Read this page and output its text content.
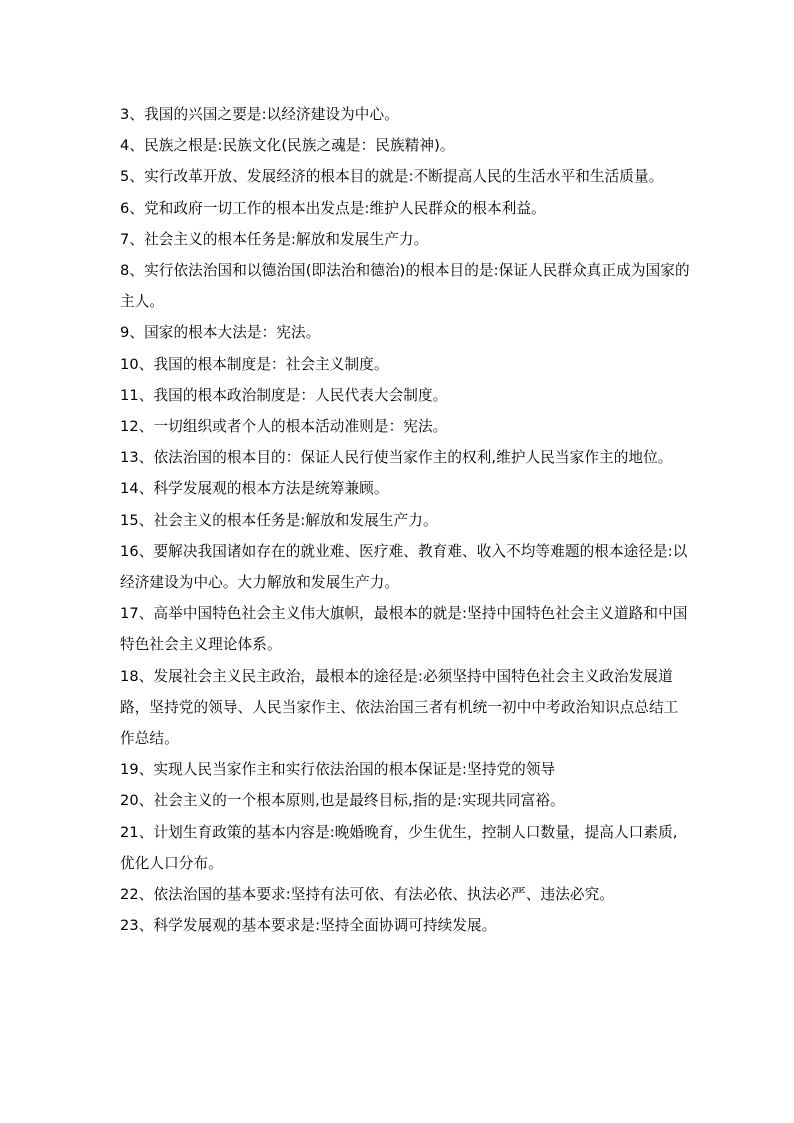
3、我国的兴国之要是:以经济建设为中心。

4、民族之根是:民族文化(民族之魂是：民族精神)。

5、实行改革开放、发展经济的根本目的就是:不断提高人民的生活水平和生活质量。

6、党和政府一切工作的根本出发点是:维护人民群众的根本利益。

7、社会主义的根本任务是:解放和发展生产力。

8、实行依法治国和以德治国(即法治和德治)的根本目的是:保证人民群众真正成为国家的主人。

9、国家的根本大法是：宪法。

10、我国的根本制度是：社会主义制度。

11、我国的根本政治制度是：人民代表大会制度。

12、一切组织或者个人的根本活动准则是：宪法。

13、依法治国的根本目的：保证人民行使当家作主的权利,维护人民当家作主的地位。

14、科学发展观的根本方法是统筹兼顾。

15、社会主义的根本任务是:解放和发展生产力。

16、要解决我国诸如存在的就业难、医疗难、教育难、收入不均等难题的根本途径是:以经济建设为中心。大力解放和发展生产力。

17、高举中国特色社会主义伟大旗帜，最根本的就是:坚持中国特色社会主义道路和中国特色社会主义理论体系。

18、发展社会主义民主政治，最根本的途径是:必须坚持中国特色社会主义政治发展道路，坚持党的领导、人民当家作主、依法治国三者有机统一初中中考政治知识点总结工作总结。

19、实现人民当家作主和实行依法治国的根本保证是:坚持党的领导

20、社会主义的一个根本原则,也是最终目标,指的是:实现共同富裕。

21、计划生育政策的基本内容是:晚婚晚育，少生优生，控制人口数量，提高人口素质,优化人口分布。

22、依法治国的基本要求:坚持有法可依、有法必依、执法必严、违法必究。

23、科学发展观的基本要求是:坚持全面协调可持续发展。
